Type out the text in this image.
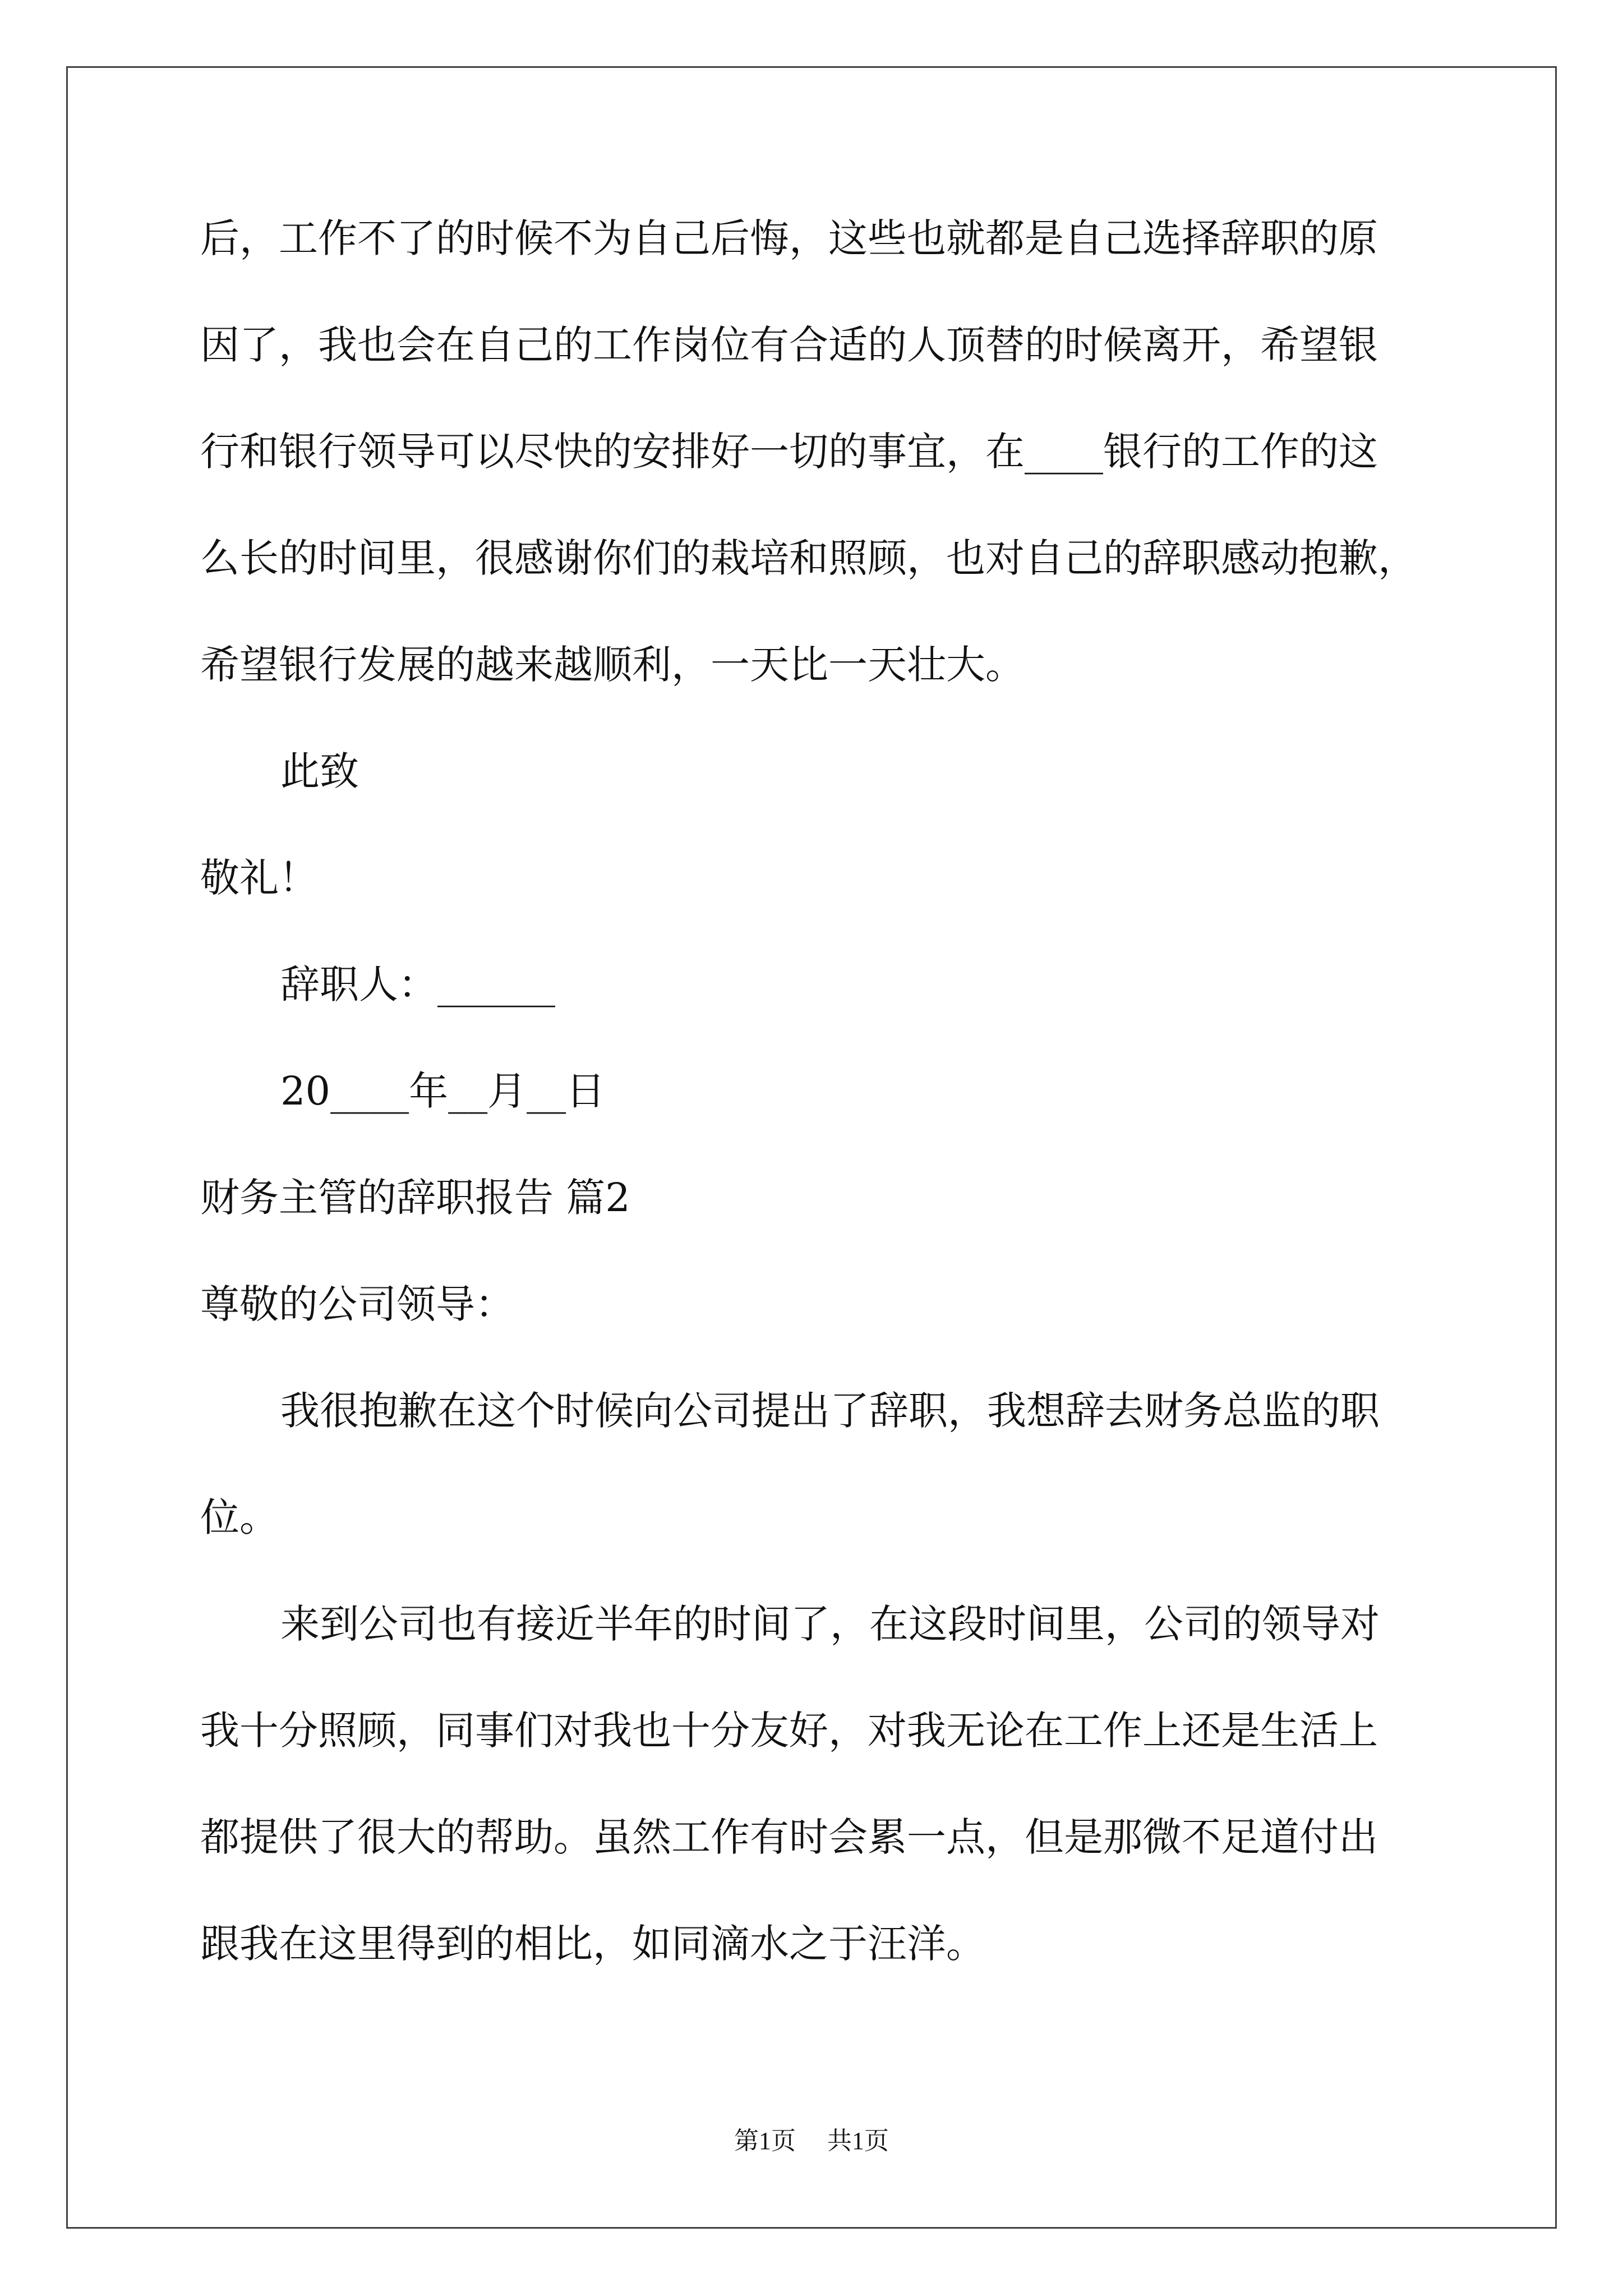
后，工作不了的时候不为自己后悔，这些也就都是自己选择辞职的原
因了，我也会在自己的工作岗位有合适的人顶替的时候离开，希望银
行和银行领导可以尽快的安排好一切的事宜，在____银行的工作的这
么长的时间里，很感谢你们的栽培和照顾，也对自己的辞职感动抱歉，
希望银行发展的越来越顺利，一天比一天壮大。
此致
敬礼！
辞职人：______
20____年__月__日
财务主管的辞职报告 篇2
尊敬的公司领导：
我很抱歉在这个时候向公司提出了辞职，我想辞去财务总监的职
位。
来到公司也有接近半年的时间了，在这段时间里，公司的领导对
我十分照顾，同事们对我也十分友好，对我无论在工作上还是生活上
都提供了很大的帮助。虽然工作有时会累一点，但是那微不足道付出
跟我在这里得到的相比，如同滴水之于汪洋。
第1页 共1页
